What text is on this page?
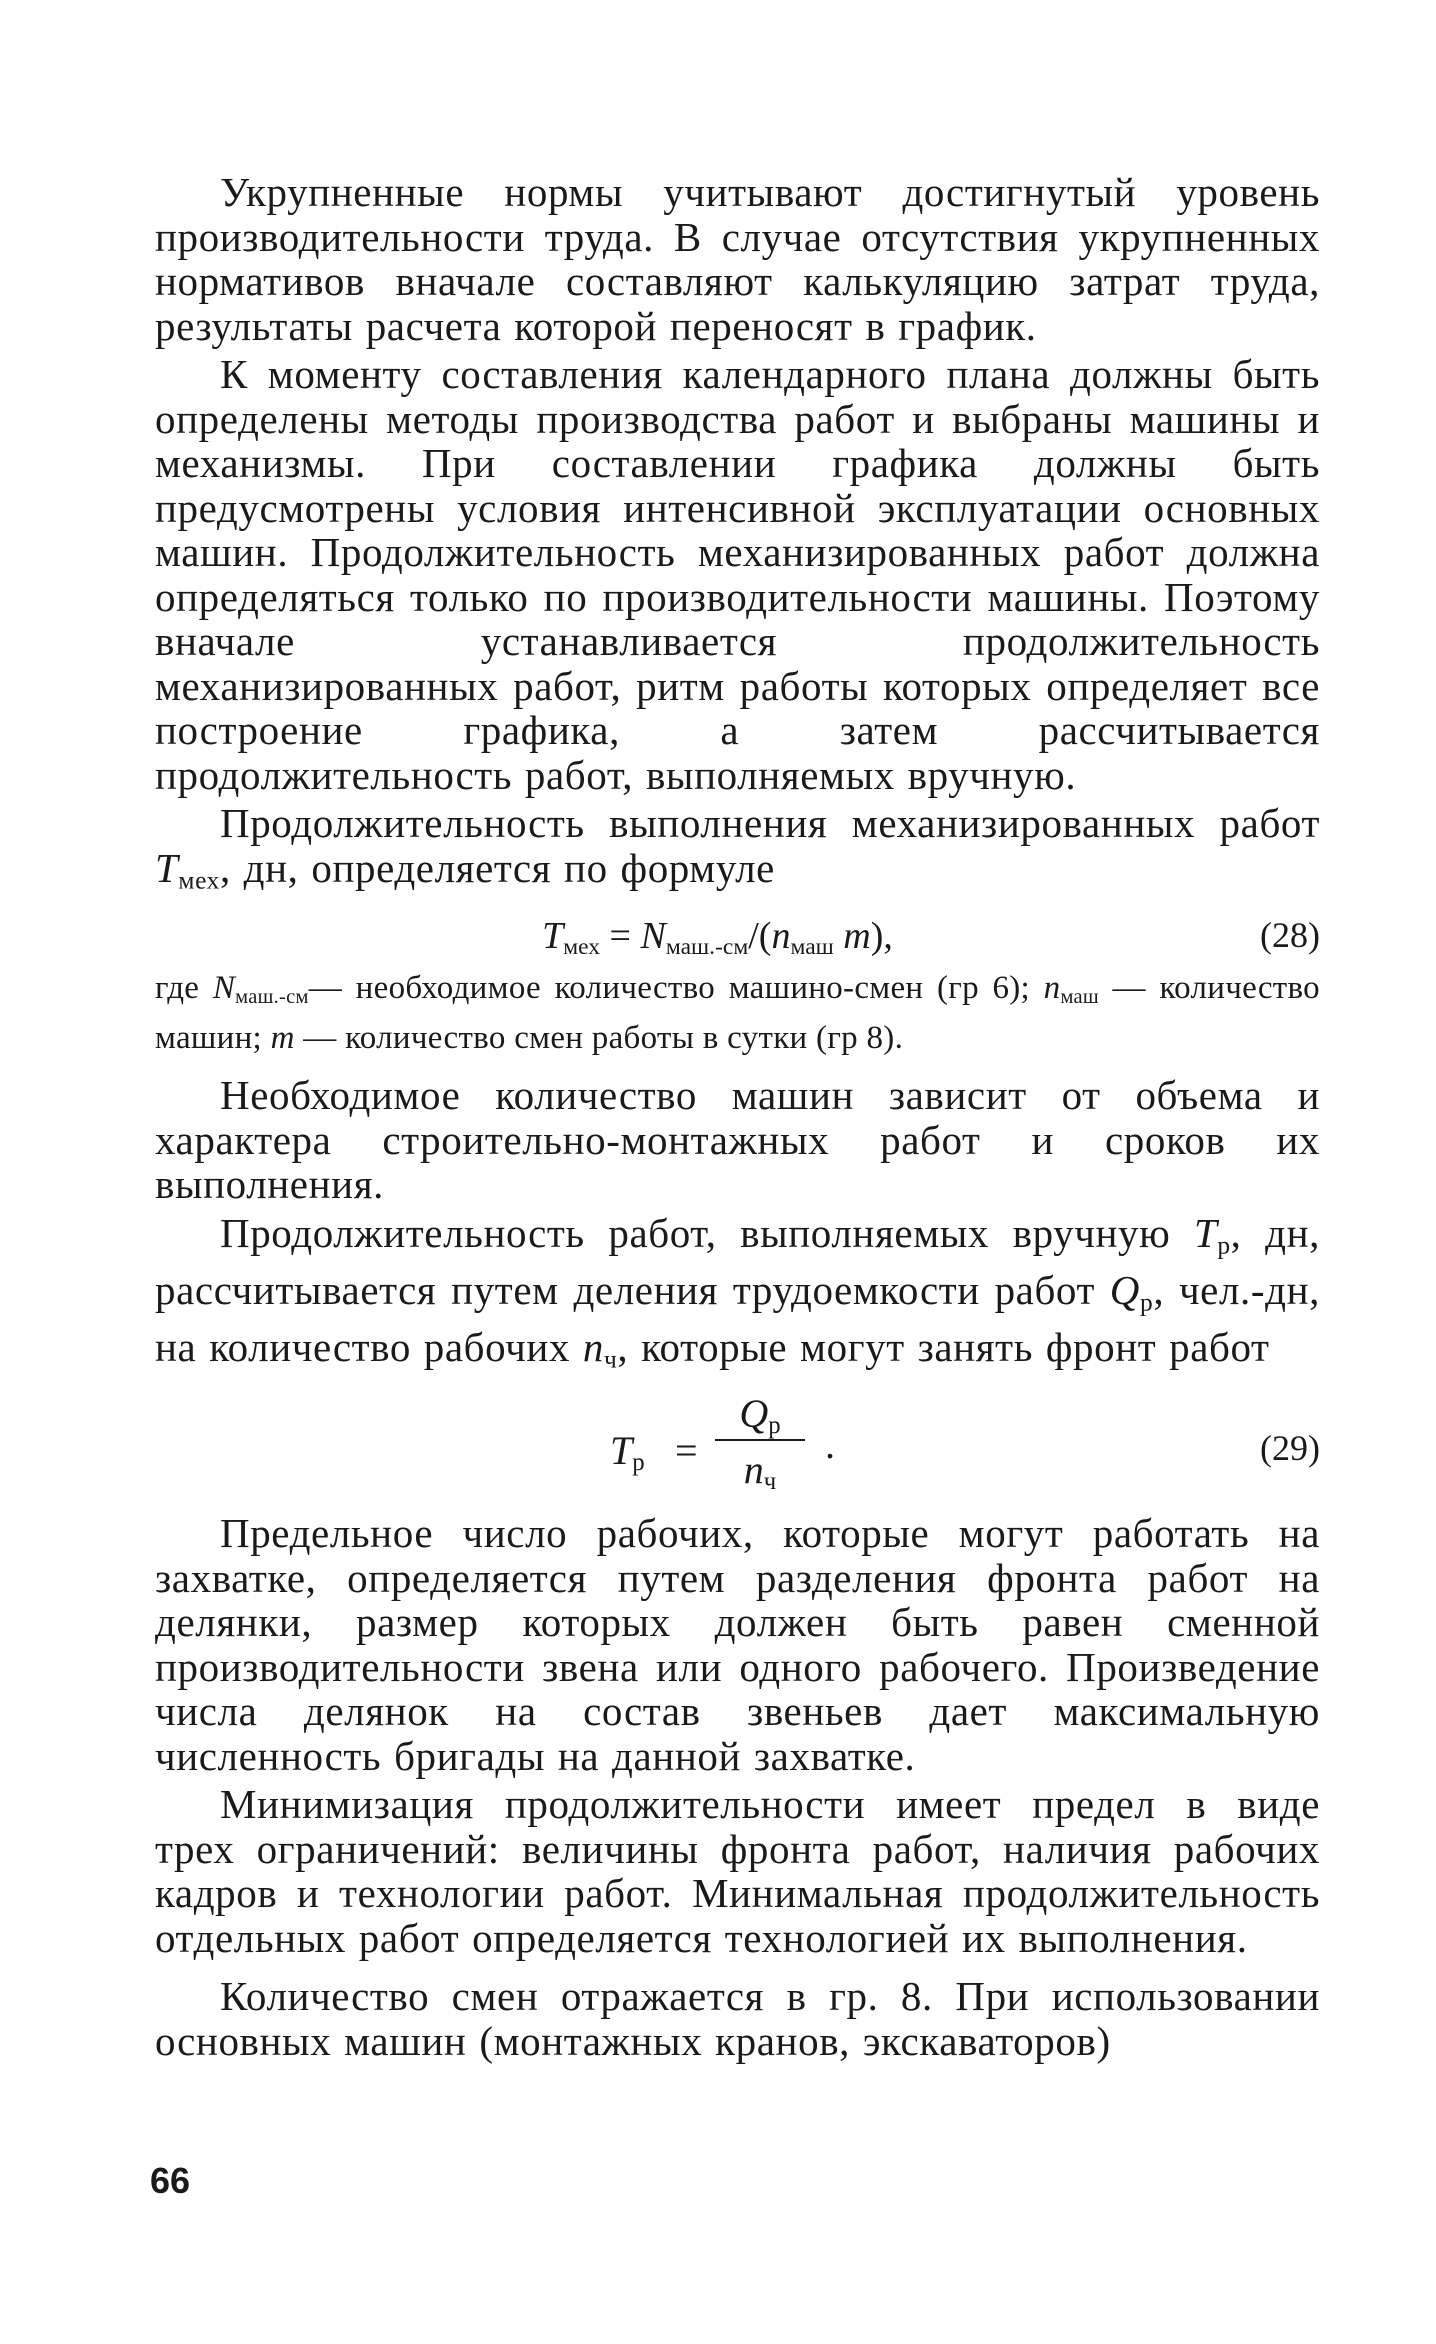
Укрупненные нормы учитывают достигнутый уровень производительности труда. В случае отсутствия укрупненных нормативов вначале составляют калькуляцию затрат труда, результаты расчета которой переносят в график.

К моменту составления календарного плана должны быть определены методы производства работ и выбраны машины и механизмы. При составлении графика должны быть предусмотрены условия интенсивной эксплуатации основных машин. Продолжительность механизированных работ должна определяться только по производительности машины. Поэтому вначале устанавливается продолжительность механизированных работ, ритм работы которых определяет все построение графика, а затем рассчитывается продолжительность работ, выполняемых вручную.

Продолжительность выполнения механизированных работ $T_{мех}$, дн, определяется по формуле

$T_{мех} = N_{маш.-см}/(n_{маш}$ m),	(28)

где $N_{маш.-см}—$ необходимое количество машино-смен (гр 6); $n_{маш}$ — количество машин; m — количество смен работы в сутки (гр 8).

Необходимое количество машин зависит от объема и характера строительно-монтажных работ и сроков их выполнения.

Продолжительность работ, выполняемых вручную $T_р$, дн, рассчитывается путем деления трудоемкости работ $Q_р$, чел.-дн, на количество рабочих $n_ч$, которые могут занять фронт работ

$T_р$ =
$Q_р$
$n_ч$
.	(29)

Предельное число рабочих, которые могут работать на захватке, определяется путем разделения фронта работ на делянки, размер которых должен быть равен сменной производительности звена или одного рабочего. Произведение числа делянок на состав звеньев дает максимальную численность бригады на данной захватке.

Минимизация продолжительности имеет предел в виде трех ограничений: величины фронта работ, наличия рабочих кадров и технологии работ. Минимальная продолжительность отдельных работ определяется технологией их выполнения.

Количество смен отражается в гр. 8. При использовании основных машин (монтажных кранов, экскаваторов)

66
